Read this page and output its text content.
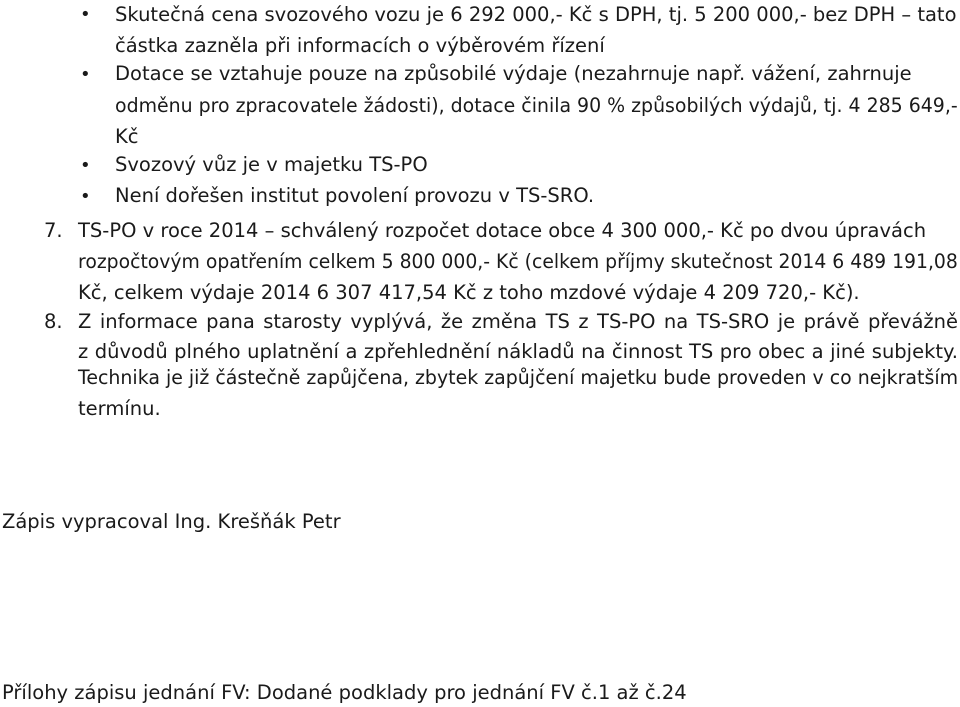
• Skutečná cena svozového vozu je 6 292 000,- Kč s DPH, tj. 5 200 000,- bez DPH – tato
částka zazněla při informacích o výběrovém řízení
• Dotace se vztahuje pouze na způsobilé výdaje (nezahrnuje např. vážení, zahrnuje
odměnu pro zpracovatele žádosti), dotace činila 90 % způsobilých výdajů, tj. 4 285 649,-
Kč
• Svozový vůz je v majetku TS-PO
• Není dořešen institut povolení provozu v TS-SRO.
7. TS-PO v roce 2014 – schválený rozpočet dotace obce 4 300 000,- Kč po dvou úpravách
rozpočtovým opatřením celkem 5 800 000,- Kč (celkem příjmy skutečnost 2014 6 489 191,08
Kč, celkem výdaje 2014 6 307 417,54 Kč z toho mzdové výdaje 4 209 720,- Kč).
8. Z informace pana starosty vyplývá, že změna TS z TS-PO na TS-SRO je právě převážně
z důvodů plného uplatnění a zpřehlednění nákladů na činnost TS pro obec a jiné subjekty.
Technika je již částečně zapůjčena, zbytek zapůjčení majetku bude proveden v co nejkratším
termínu.
Zápis vypracoval Ing. Krešňák Petr
Přílohy zápisu jednání FV: Dodané podklady pro jednání FV č.1 až č.24
